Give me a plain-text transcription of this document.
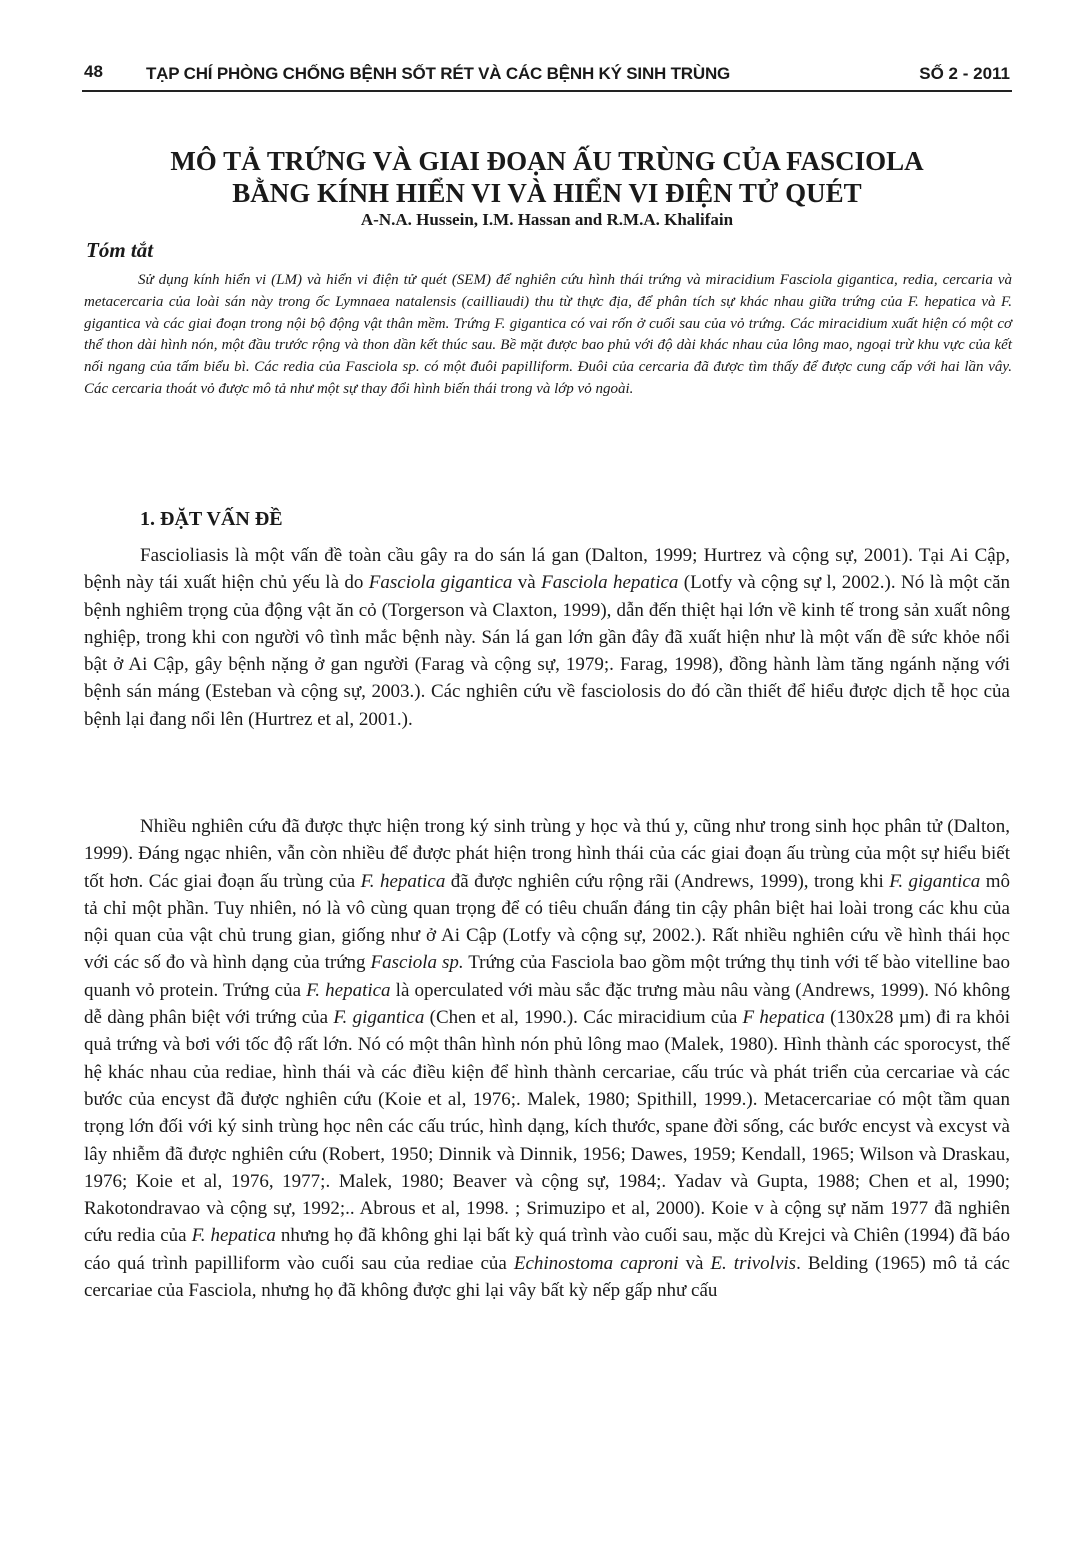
48	TẠP CHÍ PHÒNG CHỐNG BỆNH SỐT RÉT VÀ CÁC BỆNH KÝ SINH TRÙNG	SỐ 2 - 2011
MÔ TẢ TRỨNG VÀ GIAI ĐOẠN ẤU TRÙNG CỦA FASCIOLA
BẰNG KÍNH HIỂN VI VÀ HIỂN VI ĐIỆN TỬ QUÉT
A-N.A. Hussein, I.M. Hassan and R.M.A. Khalifain
Tóm tắt

Sử dụng kính hiển vi (LM) và hiển vi điện tử quét (SEM) để nghiên cứu hình thái trứng và miracidium Fasciola gigantica, redia, cercaria và metacercaria của loài sán này trong ốc Lymnaea natalensis (cailliaudi) thu từ thực địa, để phân tích sự khác nhau giữa trứng của F. hepatica và F. gigantica và các giai đoạn trong nội bộ động vật thân mềm. Trứng F. gigantica có vai rốn ở cuối sau của vỏ trứng. Các miracidium xuất hiện có một cơ thể thon dài hình nón, một đầu trước rộng và thon dần kết thúc sau. Bề mặt được bao phủ với độ dài khác nhau của lông mao, ngoại trừ khu vực của kết nối ngang của tấm biểu bì. Các redia của Fasciola sp. có một đuôi papilliform. Đuôi của cercaria đã được tìm thấy để được cung cấp với hai lần vây. Các cercaria thoát vỏ được mô tả như một sự thay đổi hình biến thái trong và lớp vỏ ngoài.

1. ĐẶT VẤN ĐỀ

Fascioliasis là một vấn đề toàn cầu gây ra do sán lá gan (Dalton, 1999; Hurtrez và cộng sự, 2001). Tại Ai Cập, bệnh này tái xuất hiện chủ yếu là do Fasciola gigantica và Fasciola hepatica (Lotfy và cộng sự l, 2002.). Nó là một căn bệnh nghiêm trọng của động vật ăn cỏ (Torgerson và Claxton, 1999), dẫn đến thiệt hại lớn về kinh tế trong sản xuất nông nghiệp, trong khi con người vô tình mắc bệnh này. Sán lá gan lớn gần đây đã xuất hiện như là một vấn đề sức khỏe nổi bật ở Ai Cập, gây bệnh nặng ở gan người (Farag và cộng sự, 1979;. Farag, 1998), đồng hành làm tăng ngánh nặng với bệnh sán máng (Esteban và cộng sự, 2003.). Các nghiên cứu về fasciolosis do đó cần thiết để hiểu được dịch tễ học của bệnh lại đang nổi lên (Hurtrez et al, 2001.).

Nhiều nghiên cứu đã được thực hiện trong ký sinh trùng y học và thú y, cũng như trong sinh học phân tử (Dalton, 1999). Đáng ngạc nhiên, vẫn còn nhiều để được phát hiện trong hình thái của các giai đoạn ấu trùng của một sự hiểu biết tốt hơn. Các giai đoạn ấu trùng của F. hepatica đã được nghiên cứu rộng rãi (Andrews, 1999), trong khi F. gigantica mô tả chỉ một phần. Tuy nhiên, nó là vô cùng quan trọng để có tiêu chuẩn đáng tin cậy phân biệt hai loài trong các khu của nội quan của vật chủ trung gian, giống như ở Ai Cập (Lotfy và cộng sự, 2002.). Rất nhiều nghiên cứu về hình thái học với các số đo và hình dạng của trứng Fasciola sp. Trứng của Fasciola bao gồm một trứng thụ tinh với tế bào vitelline bao quanh vỏ protein. Trứng của F. hepatica là operculated với màu sắc đặc trưng màu nâu vàng (Andrews, 1999). Nó không dễ dàng phân biệt với trứng của F. gigantica (Chen et al, 1990.). Các miracidium của F hepatica (130x28 µm) đi ra khỏi quả trứng và bơi với tốc độ rất lớn. Nó có một thân hình nón phủ lông mao (Malek, 1980). Hình thành các sporocyst, thế hệ khác nhau của rediae, hình thái và các điều kiện để hình thành cercariae, cấu trúc và phát triển của cercariae và các bước của encyst đã được nghiên cứu (Koie et al, 1976;. Malek, 1980; Spithill, 1999.). Metacercariae có một tầm quan trọng lớn đối với ký sinh trùng học nên các cấu trúc, hình dạng, kích thước, spane đời sống, các bước encyst và excyst và lây nhiễm đã được nghiên cứu (Robert, 1950; Dinnik và Dinnik, 1956; Dawes, 1959; Kendall, 1965; Wilson và Draskau, 1976; Koie et al, 1976, 1977;. Malek, 1980; Beaver và cộng sự, 1984;. Yadav và Gupta, 1988; Chen et al, 1990; Rakotondravao và cộng sự, 1992;.. Abrous et al, 1998. ; Srimuzipo et al, 2000). Koie v à cộng sự năm 1977 đã nghiên cứu redia của F. hepatica nhưng họ đã không ghi lại bất kỳ quá trình vào cuối sau, mặc dù Krejci và Chiên (1994) đã báo cáo quá trình papilliform vào cuối sau của rediae của Echinostoma caproni và E. trivolvis. Belding (1965) mô tả các cercariae của Fasciola, nhưng họ đã không được ghi lại vây bất kỳ nếp gấp như cấu
